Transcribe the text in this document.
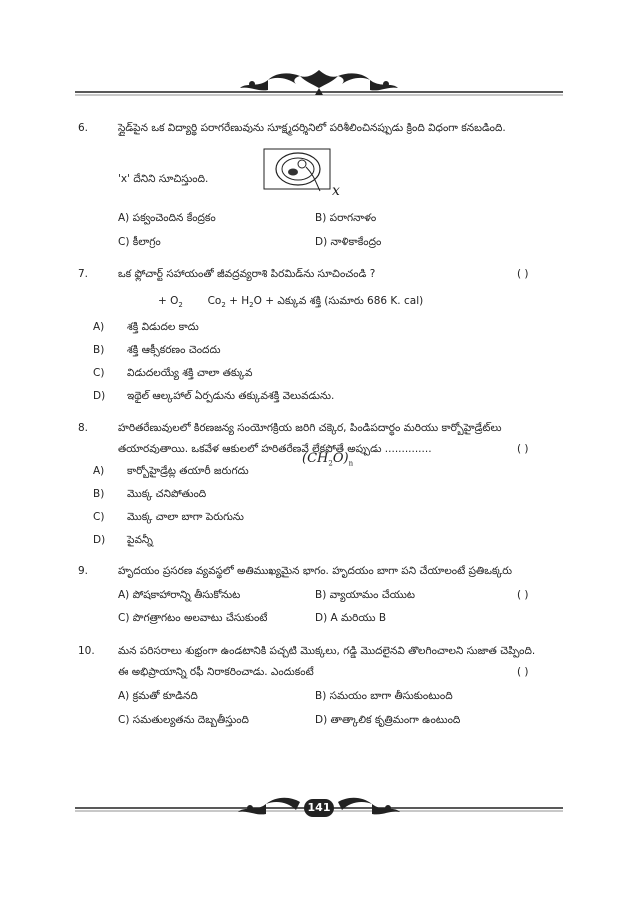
6.	స్లైడ్‌పైన ఒక విద్యార్థి పరాగరేణువును సూక్ష్మదర్శినిలో పరిశీలించినప్పుడు క్రింది విధంగా కనబడింది.
x
'x' దేనిని సూచిస్తుంది.
A) పక్వంచెందిన కేంద్రకం	B) పరాగనాళం
C) కీలాగ్రం	D) నాళికాకేంద్రం
7.	ఒక ఫ్లోచార్ట్ సహాయంతో జీవద్రవ్యరాశి పిరమిడ్‌ను సూచించండి ?	( )
+ $O_2$ $Co_2 + H_2O$ + ఎక్కువ శక్తి (సుమారు 686 K. cal)
A) శక్తి విడుదల కాదు
B) శక్తి ఆక్సీకరణం చెందదు
C) విడుదలయ్యే శక్తి చాలా తక్కువ
D) ఇథైల్ ఆల్కహాల్ ఏర్పడును తక్కువశక్తి వెలువడును.
8.	హరితరేణువులలో కిరణజన్య సంయోగక్రియ జరిగి చక్కెర, పిండిపదార్థం మరియు కార్బోహైడ్రేట్‌లు
తయారవుతాయి. ఒకవేళ ఆకులలో హరితరేణవే లేకపోతే అప్పుడు ..............	( )
$(CH_2O)_n$
A) కార్బోహైడ్రేట్ల తయారీ జరుగదు
B) మొక్క చనిపోతుంది
C) మొక్క చాలా బాగా పెరుగును
D) పైవన్నీ
9.	హృదయం ప్రసరణ వ్యవస్థలో అతిముఖ్యమైన భాగం. హృదయం బాగా పని చేయాలంటే ప్రతిఒక్కరు
A) పోషకాహారాన్ని తీసుకోనుట	B) వ్యాయామం చేయుట	( )
C) పొగత్రాగటం అలవాటు చేసుకుంటే	D) A మరియు B
10. మన పరిసరాలు శుభ్రంగా ఉండటానికి పచ్చటి మొక్కలు, గడ్డి మొదలైనవి తొలగించాలని సుజాత చెప్పింది.
ఈ అభిప్రాయాన్ని రఫీ నిరాకరించాడు. ఎందుకంటే	( )
A) క్రమతో కూడినది	B) సమయం బాగా తీసుకుంటుంది
C) సమతుల్యతను దెబ్బతీస్తుంది	D) తాత్కాలిక కృత్రిమంగా ఉంటుంది
141
